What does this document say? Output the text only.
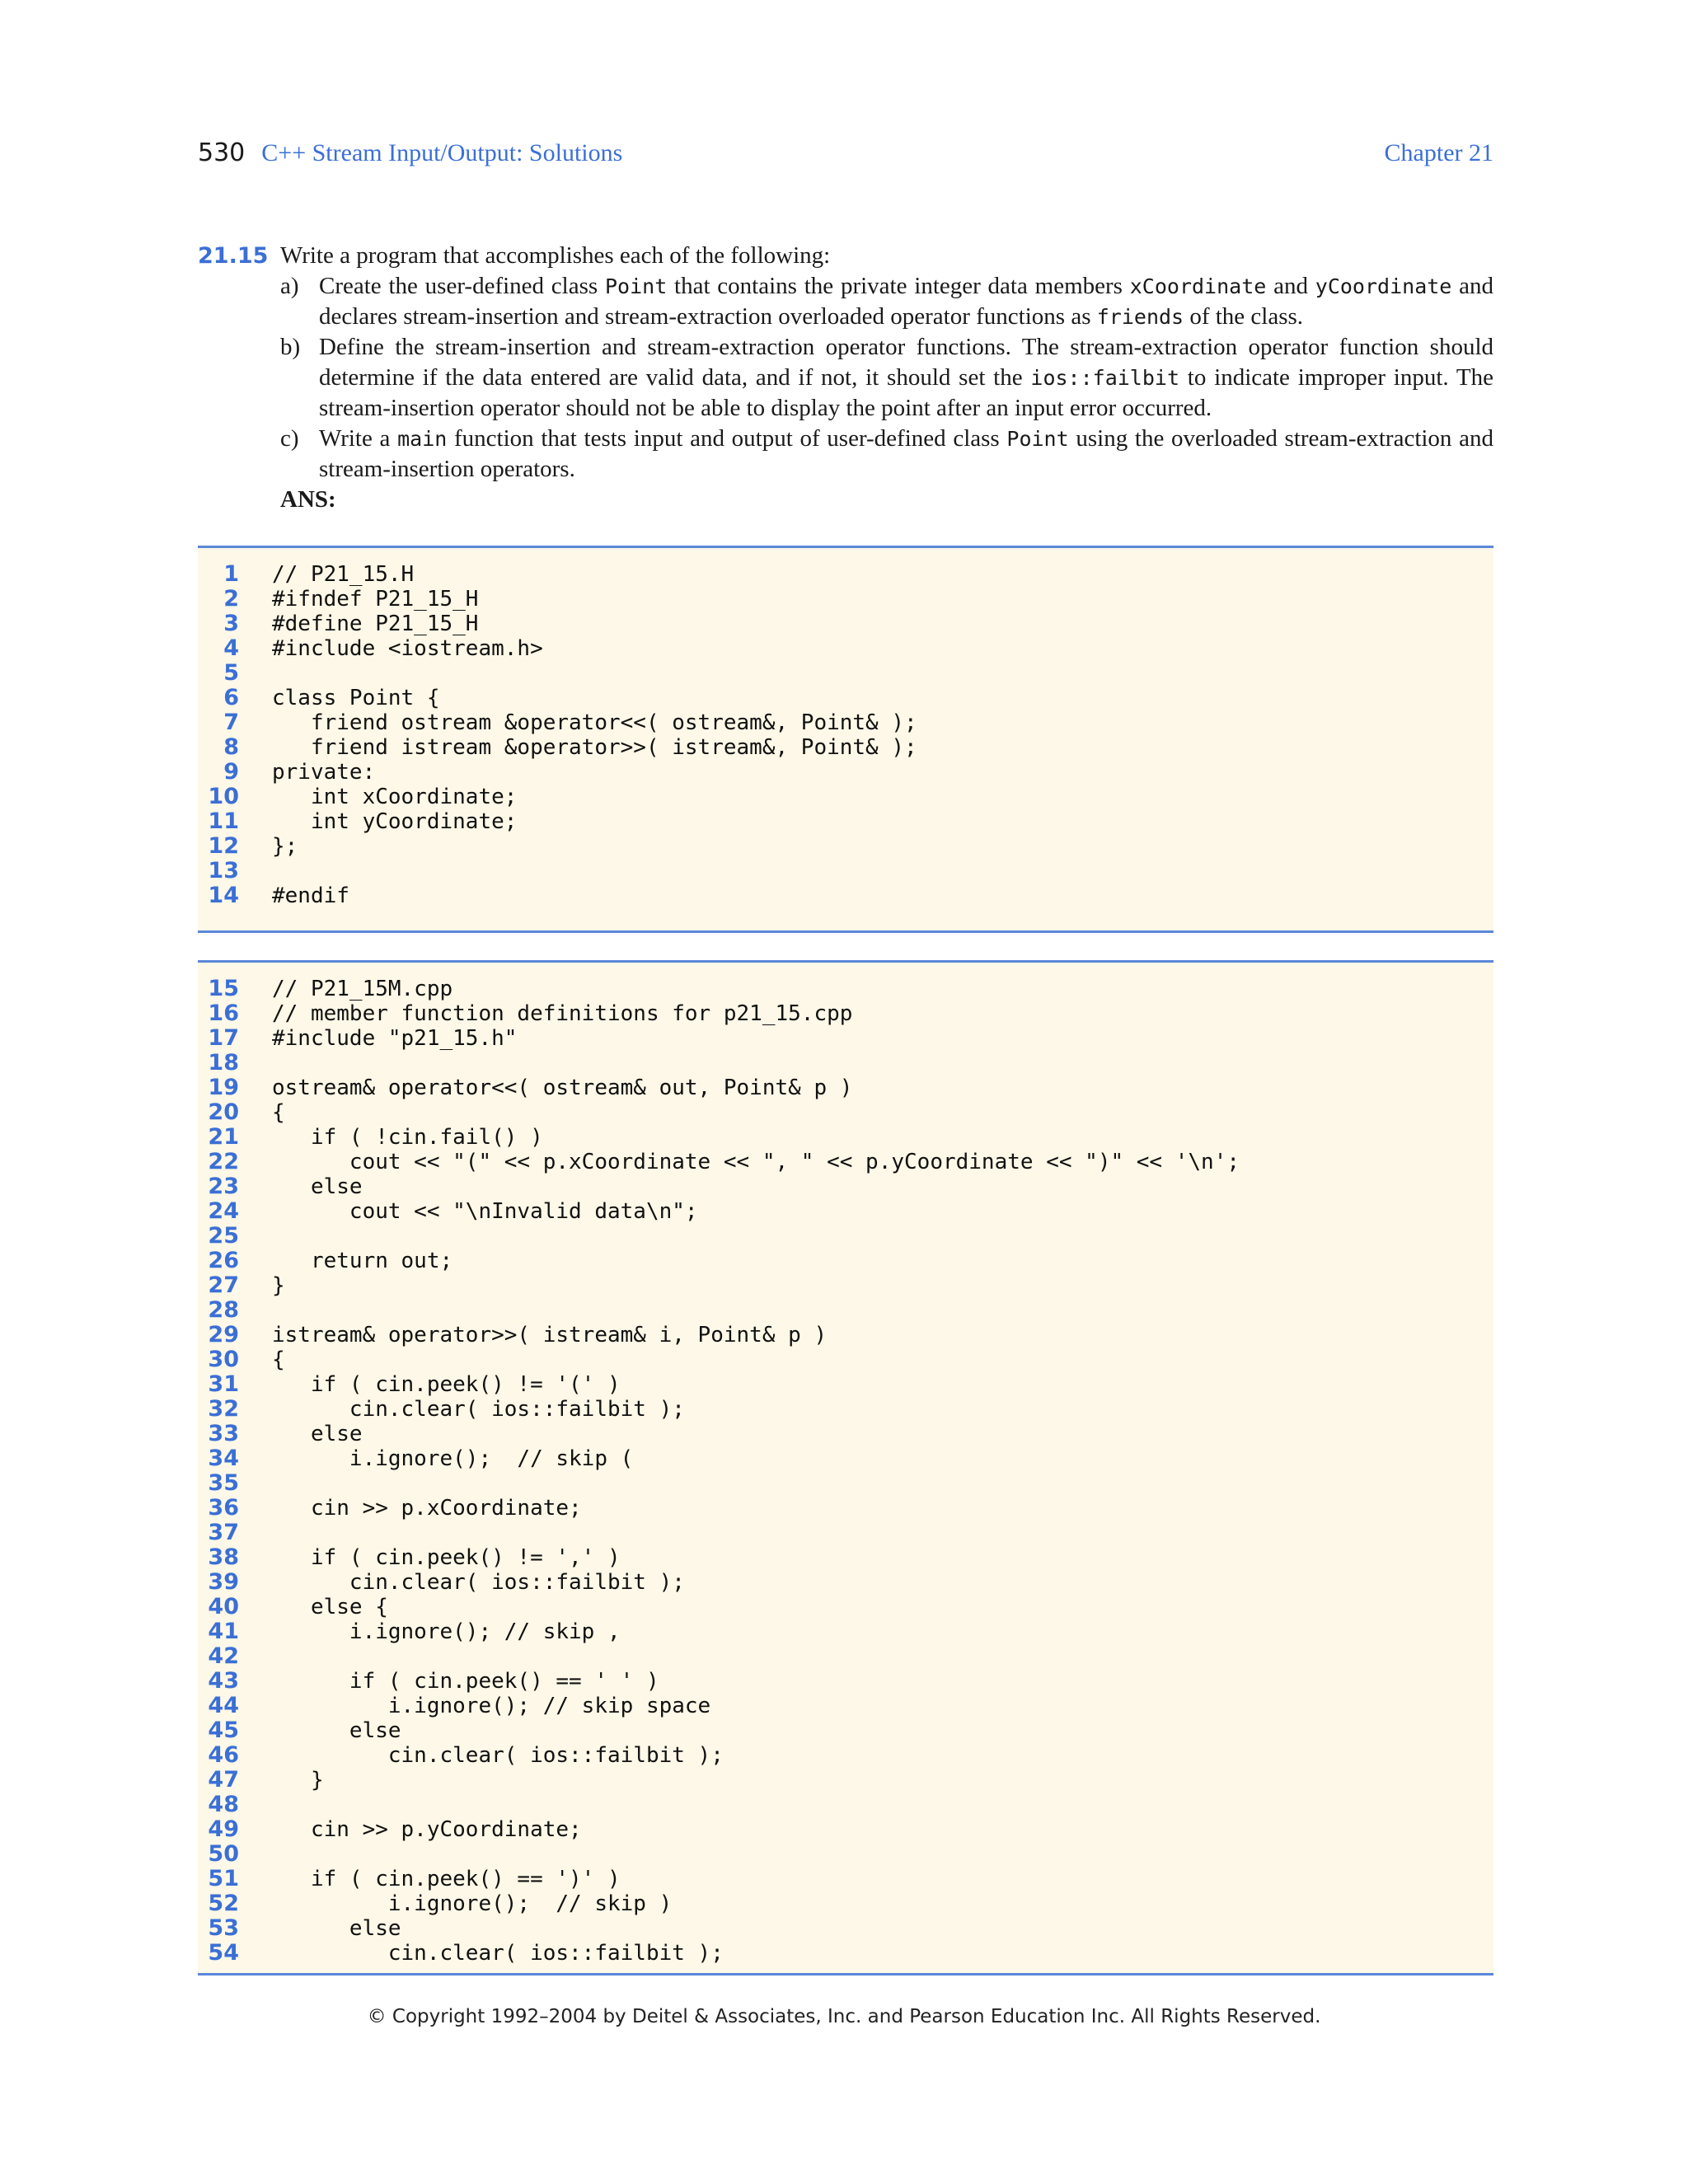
530 C++ Stream Input/Output: Solutions	Chapter 21
21.15 Write a program that accomplishes each of the following:
a) Create the user-defined class Point that contains the private integer data members xCoordinate and yCoordinate and declares stream-insertion and stream-extraction overloaded operator functions as friends of the class.
b) Define the stream-insertion and stream-extraction operator functions. The stream-extraction operator function should determine if the data entered are valid data, and if not, it should set the ios::failbit to indicate improper input. The stream-insertion operator should not be able to display the point after an input error occurred.
c) Write a main function that tests input and output of user-defined class Point using the overloaded stream-extraction and stream-insertion operators.
ANS:
1	// P21_15.H
2	#ifndef P21_15_H
3	#define P21_15_H
4	#include <iostream.h>
5
6	class Point {
7	friend ostream &operator<<( ostream&, Point& );
8	friend istream &operator>>( istream&, Point& );
9	private:
10	int xCoordinate;
11	int yCoordinate;
12	};
13
14	#endif
15	// P21_15M.cpp
16	// member function definitions for p21_15.cpp
17	#include "p21_15.h"
18
19	ostream& operator<<( ostream& out, Point& p )
20	{
21	if ( !cin.fail() )
22	cout << "(" << p.xCoordinate << ", " << p.yCoordinate << ")" << '\n';
23	else
24	cout << "\nInvalid data\n";
25
26	return out;
27	}
28
29	istream& operator>>( istream& i, Point& p )
30	{
31	if ( cin.peek() != '(' )
32	cin.clear( ios::failbit );
33	else
34	i.ignore();  // skip (
35
36	cin >> p.xCoordinate;
37
38	if ( cin.peek() != ',' )
39	cin.clear( ios::failbit );
40	else {
41	i.ignore(); // skip ,
42
43	if ( cin.peek() == ' ' )
44	i.ignore(); // skip space
45	else
46	cin.clear( ios::failbit );
47	}
48
49	cin >> p.yCoordinate;
50
51	if ( cin.peek() == ')' )
52	i.ignore();  // skip )
53	else
54	cin.clear( ios::failbit );
© Copyright 1992–2004 by Deitel & Associates, Inc. and Pearson Education Inc. All Rights Reserved.
